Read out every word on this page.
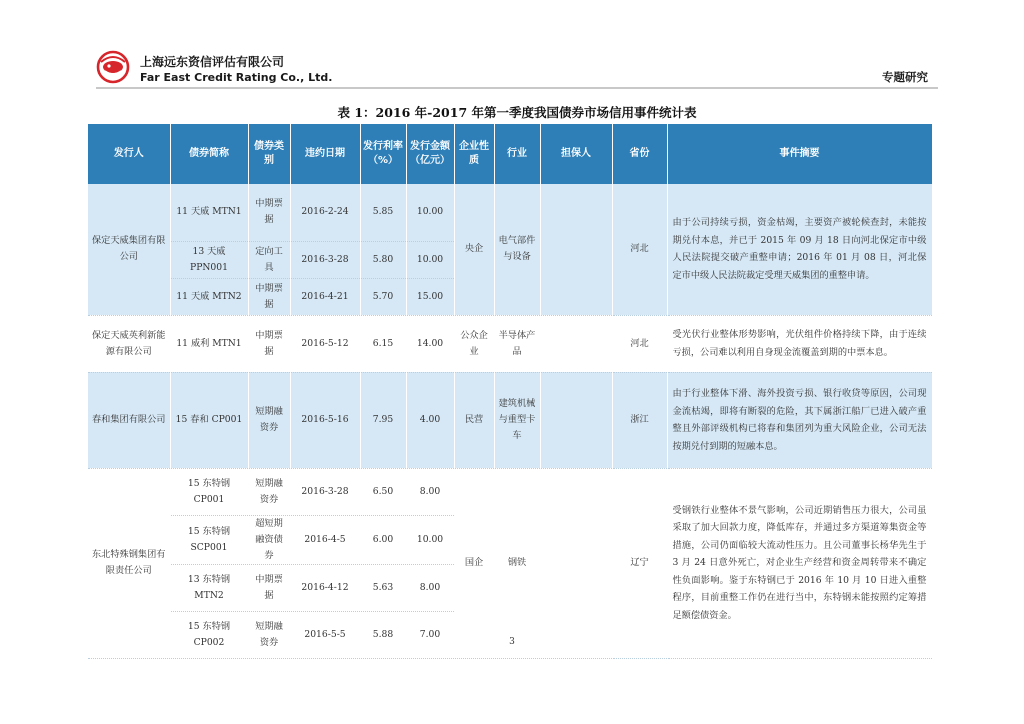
上海远东资信评估有限公司
Far East Credit Rating Co., Ltd.	专题研究
表 1：2016 年-2017 年第一季度我国债券市场信用事件统计表
发行人	债券简称	债券类别	违约日期	发行利率（%）	发行金额（亿元）	企业性质	行业	担保人	省份	事件摘要
保定天威集团有限公司	11 天威 MTN1	中期票据	2016-2-24	5.85	10.00	央企	电气部件与设备		河北	由于公司持续亏损，资金枯竭，主要资产被轮候查封，未能按期兑付本息，并已于 2015 年 09 月 18 日向河北保定市中级人民法院提交破产重整申请；2016 年 01 月 08 日，河北保定市中级人民法院裁定受理天威集团的重整申请。
	13 天威 PPN001	定向工具	2016-3-28	5.80	10.00					
	11 天威 MTN2	中期票据	2016-4-21	5.70	15.00					
保定天威英利新能源有限公司	11 威利 MTN1	中期票据	2016-5-12	6.15	14.00	公众企业	半导体产品		河北	受光伏行业整体形势影响，光伏组件价格持续下降，由于连续亏损，公司难以利用自身现金流覆盖到期的中票本息。
春和集团有限公司	15 春和 CP001	短期融资券	2016-5-16	7.95	4.00	民营	建筑机械与重型卡车		浙江	由于行业整体下滑、海外投资亏损、银行收贷等原因，公司现金流枯竭，即将有断裂的危险，其下属浙江船厂已进入破产重整且外部评级机构已将春和集团列为重大风险企业，公司无法按期兑付到期的短融本息。
东北特殊钢集团有限责任公司	15 东特钢 CP001	短期融资券	2016-3-28	6.50	8.00	国企	钢铁		辽宁	受钢铁行业整体不景气影响，公司近期销售压力很大，公司虽采取了加大回款力度，降低库存，并通过多方渠道筹集资金等措施，公司仍面临较大流动性压力。且公司董事长杨华先生于 3 月 24 日意外死亡，对企业生产经营和资金周转带来不确定性负面影响。鉴于东特钢已于 2016 年 10 月 10 日进入重整程序，目前重整工作仍在进行当中，东特钢未能按照约定筹措足额偿债资金。
	15 东特钢 SCP001	超短期融资债券	2016-4-5	6.00	10.00					
	13 东特钢 MTN2	中期票据	2016-4-12	5.63	8.00					
	15 东特钢 CP002	短期融资券	2016-5-5	5.88	7.00					
3
